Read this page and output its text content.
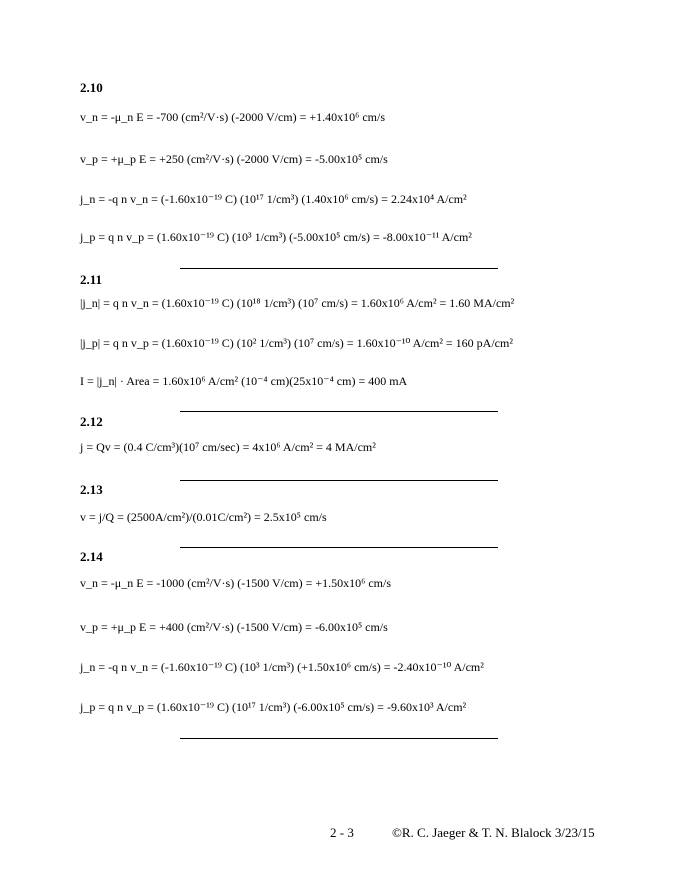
2.10
v_n = -μ_n E = -700 (cm²/V·s) (-2000 V/cm) = +1.40x10⁶ cm/s
v_p = +μ_p E = +250 (cm²/V·s) (-2000 V/cm) = -5.00x10⁵ cm/s
j_n = -q n v_n = (-1.60x10⁻¹⁹ C) (10¹⁷ 1/cm³) (1.40x10⁶ cm/s) = 2.24x10⁴ A/cm²
j_p = q n v_p = (1.60x10⁻¹⁹ C) (10³ 1/cm³) (-5.00x10⁵ cm/s) = -8.00x10⁻¹¹ A/cm²
2.11
|j_n| = q n v_n = (1.60x10⁻¹⁹ C) (10¹⁸ 1/cm³) (10⁷ cm/s) = 1.60x10⁶ A/cm² = 1.60 MA/cm²
|j_p| = q n v_p = (1.60x10⁻¹⁹ C) (10² 1/cm³) (10⁷ cm/s) = 1.60x10⁻¹⁰ A/cm² = 160 pA/cm²
I = |j_n| · Area = 1.60x10⁶ A/cm² (10⁻⁴ cm)(25x10⁻⁴ cm) = 400 mA
2.12
j = Qv = (0.4 C/cm³)(10⁷ cm/sec) = 4x10⁶ A/cm² = 4 MA/cm²
2.13
v = j/Q = (2500A/cm²)/(0.01C/cm²) = 2.5x10⁵ cm/s
2.14
v_n = -μ_n E = -1000 (cm²/V·s) (-1500 V/cm) = +1.50x10⁶ cm/s
v_p = +μ_p E = +400 (cm²/V·s) (-1500 V/cm) = -6.00x10⁵ cm/s
j_n = -q n v_n = (-1.60x10⁻¹⁹ C) (10³ 1/cm³) (+1.50x10⁶ cm/s) = -2.40x10⁻¹⁰ A/cm²
j_p = q n v_p = (1.60x10⁻¹⁹ C) (10¹⁷ 1/cm³) (-6.00x10⁵ cm/s) = -9.60x10³ A/cm²
2 - 3	©R. C. Jaeger & T. N. Blalock 3/23/15
